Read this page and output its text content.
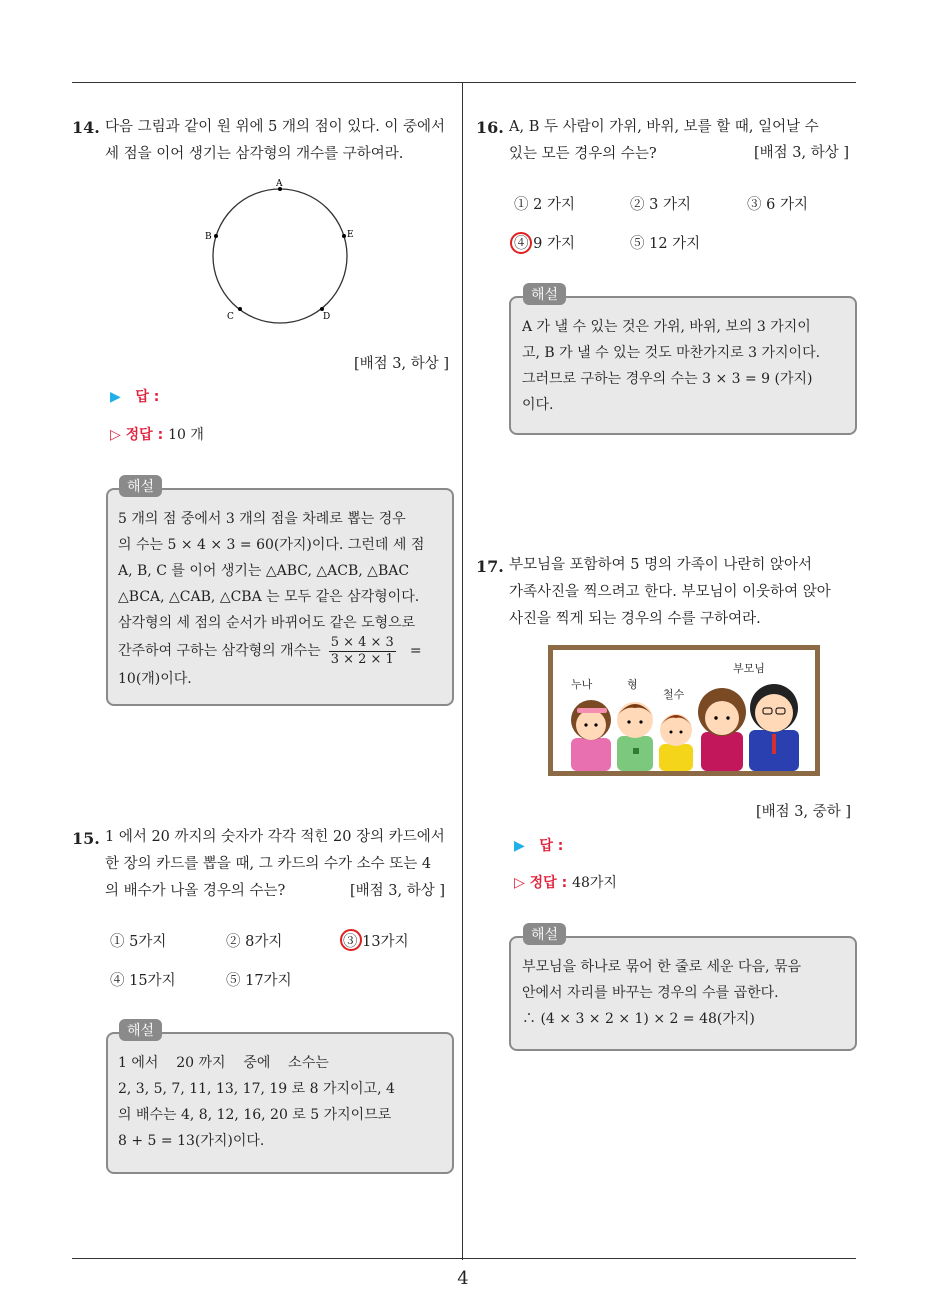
14. 다음 그림과 같이 원 위에 5 개의 점이 있다. 이 중에서
세 점을 이어 생기는 삼각형의 개수를 구하여라.
A
B
C	D
E
[배점 3, 하상 ]
▶ 답 :
▷ 정답 : 10 개
해설
5 개의 점 중에서 3 개의 점을 차례로 뽑는 경우
의 수는 5 × 4 × 3 = 60(가지)이다. 그런데 세 점
A, B, C 를 이어 생기는 △ABC, △ACB, △BAC
△BCA, △CAB, △CBA 는 모두 같은 삼각형이다.
삼각형의 세 점의 순서가 바뀌어도 같은 도형으로
간주하여 구하는 삼각형의 개수는 $\frac{5 \times 4 \times 3}{3 \times 2 \times 1}$ =
10(개)이다.
15. 1 에서 20 까지의 숫자가 각각 적힌 20 장의 카드에서
한 장의 카드를 뽑을 때, 그 카드의 수가 소수 또는 4
의 배수가 나올 경우의 수는?	[배점 3, 하상 ]
① 5가지	② 8가지	③ 13가지
④ 15가지	⑤ 17가지
해설
1 에서    20 까지    중에    소수는
2, 3, 5, 7, 11, 13, 17, 19 로 8 가지이고, 4
의 배수는 4, 8, 12, 16, 20 로 5 가지이므로
8 + 5 = 13(가지)이다.
16. A, B 두 사람이 가위, 바위, 보를 할 때, 일어날 수
있는 모든 경우의 수는?	[배점 3, 하상 ]
① 2 가지	② 3 가지	③ 6 가지
④ 9 가지	⑤ 12 가지
해설
A 가 낼 수 있는 것은 가위, 바위, 보의 3 가지이
고, B 가 낼 수 있는 것도 마찬가지로 3 가지이다.
그러므로 구하는 경우의 수는 3 × 3 = 9 (가지)
이다.
17. 부모님을 포함하여 5 명의 가족이 나란히 앉아서
가족사진을 찍으려고 한다. 부모님이 이웃하여 앉아
사진을 찍게 되는 경우의 수를 구하여라.
누나	형
철수
부모님
[배점 3, 중하 ]
▶ 답 :
▷ 정답 : 48가지
해설
부모님을 하나로 묶어 한 줄로 세운 다음, 묶음
안에서 자리를 바꾸는 경우의 수를 곱한다.
∴ (4 × 3 × 2 × 1) × 2 = 48(가지)
4
